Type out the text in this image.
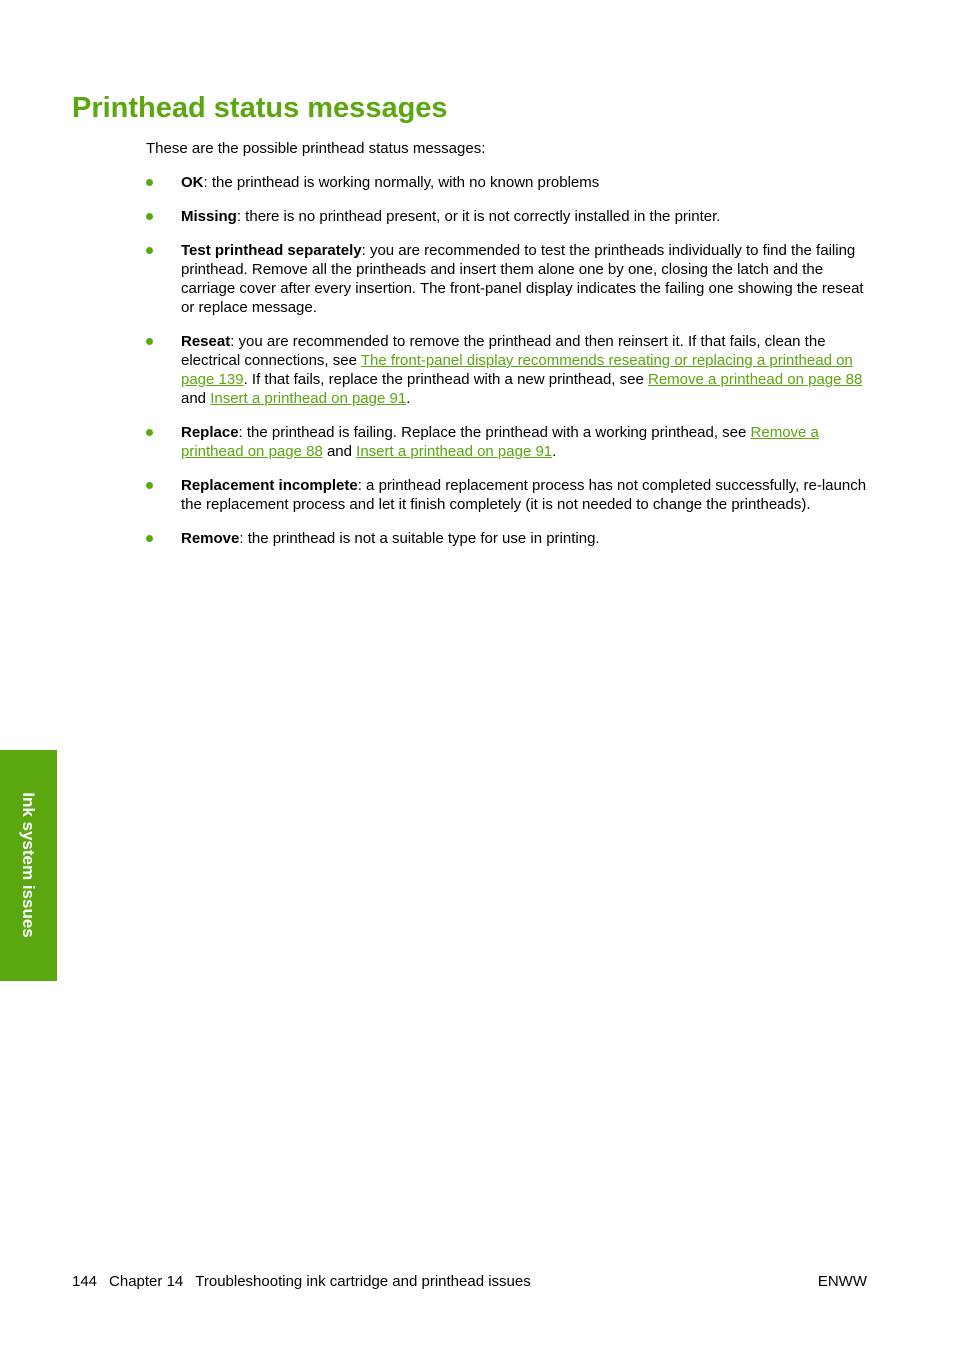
Printhead status messages

These are the possible printhead status messages:

OK: the printhead is working normally, with no known problems
Missing: there is no printhead present, or it is not correctly installed in the printer.
Test printhead separately: you are recommended to test the printheads individually to find the failing printhead. Remove all the printheads and insert them alone one by one, closing the latch and the carriage cover after every insertion. The front-panel display indicates the failing one showing the reseat or replace message.
Reseat: you are recommended to remove the printhead and then reinsert it. If that fails, clean the electrical connections, see The front-panel display recommends reseating or replacing a printhead on page 139. If that fails, replace the printhead with a new printhead, see Remove a printhead on page 88 and Insert a printhead on page 91.
Replace: the printhead is failing. Replace the printhead with a working printhead, see Remove a printhead on page 88 and Insert a printhead on page 91.
Replacement incomplete: a printhead replacement process has not completed successfully, re-launch the replacement process and let it finish completely (it is not needed to change the printheads).
Remove: the printhead is not a suitable type for use in printing.
Ink system issues
144 Chapter 14 Troubleshooting ink cartridge and printhead issues	ENWW
